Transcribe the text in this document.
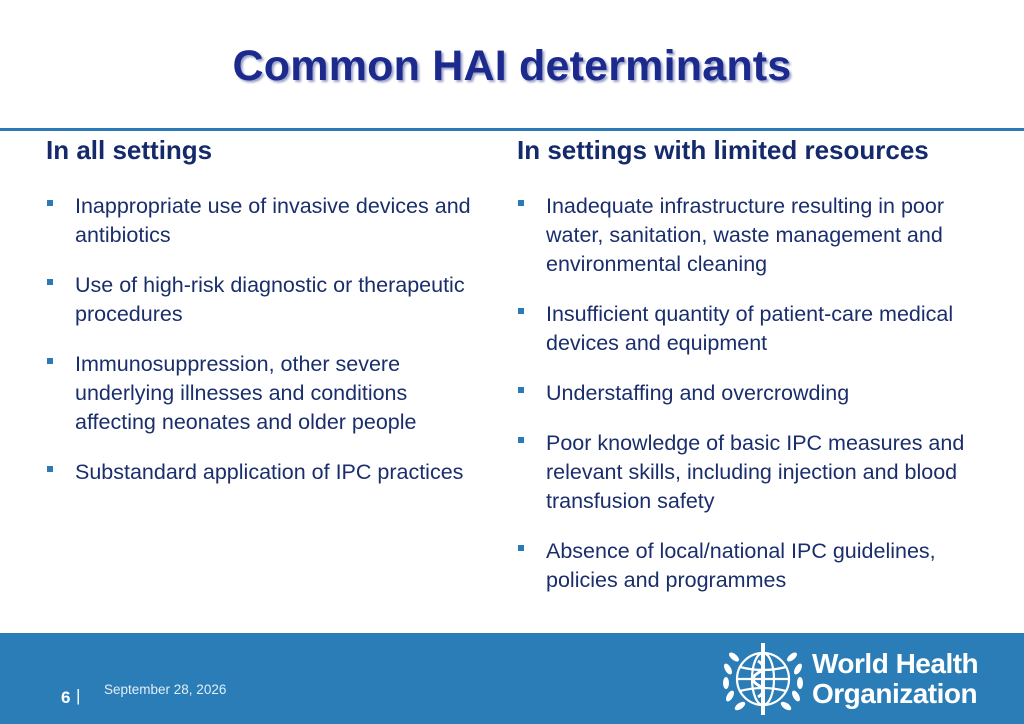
Common HAI determinants
In all settings
Inappropriate use of invasive devices and antibiotics
Use of high-risk diagnostic or therapeutic procedures
Immunosuppression, other severe underlying illnesses and conditions affecting neonates and older people
Substandard application of IPC practices
In settings with limited resources
Inadequate infrastructure resulting in poor water, sanitation, waste management and environmental cleaning
Insufficient quantity of patient-care medical devices and equipment
Understaffing and overcrowding
Poor knowledge of basic IPC measures and relevant skills, including injection and blood transfusion safety
Absence of local/national IPC guidelines, policies and programmes
6 | September 28, 2026
World Health
Organization
